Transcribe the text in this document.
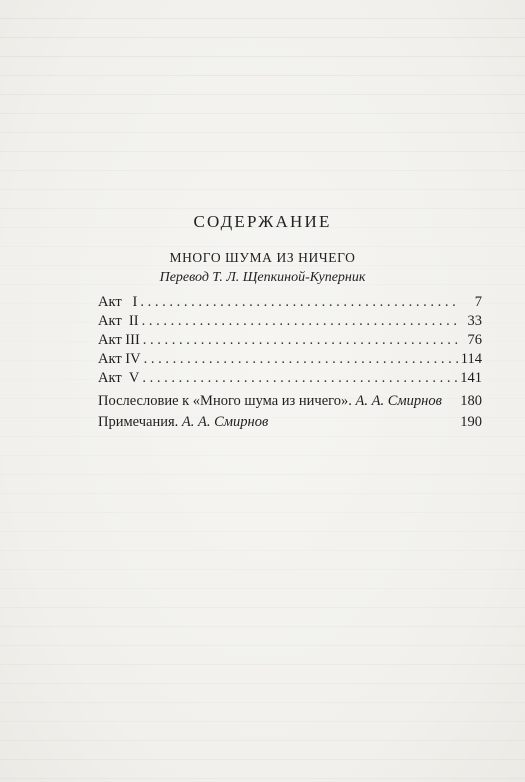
СОДЕРЖАНИЕ
МНОГО ШУМА ИЗ НИЧЕГО
Перевод Т. Л. Щепкиной-Куперник
Акт   I . . .	7
Акт  II . . .	33
Акт III . . .	76
Акт IV . . .	114
Акт  V . . .	141
Послесловие к «Много шума из ничего». А. А. Смирнов 180
Примечания. А. А. Смирнов	190
